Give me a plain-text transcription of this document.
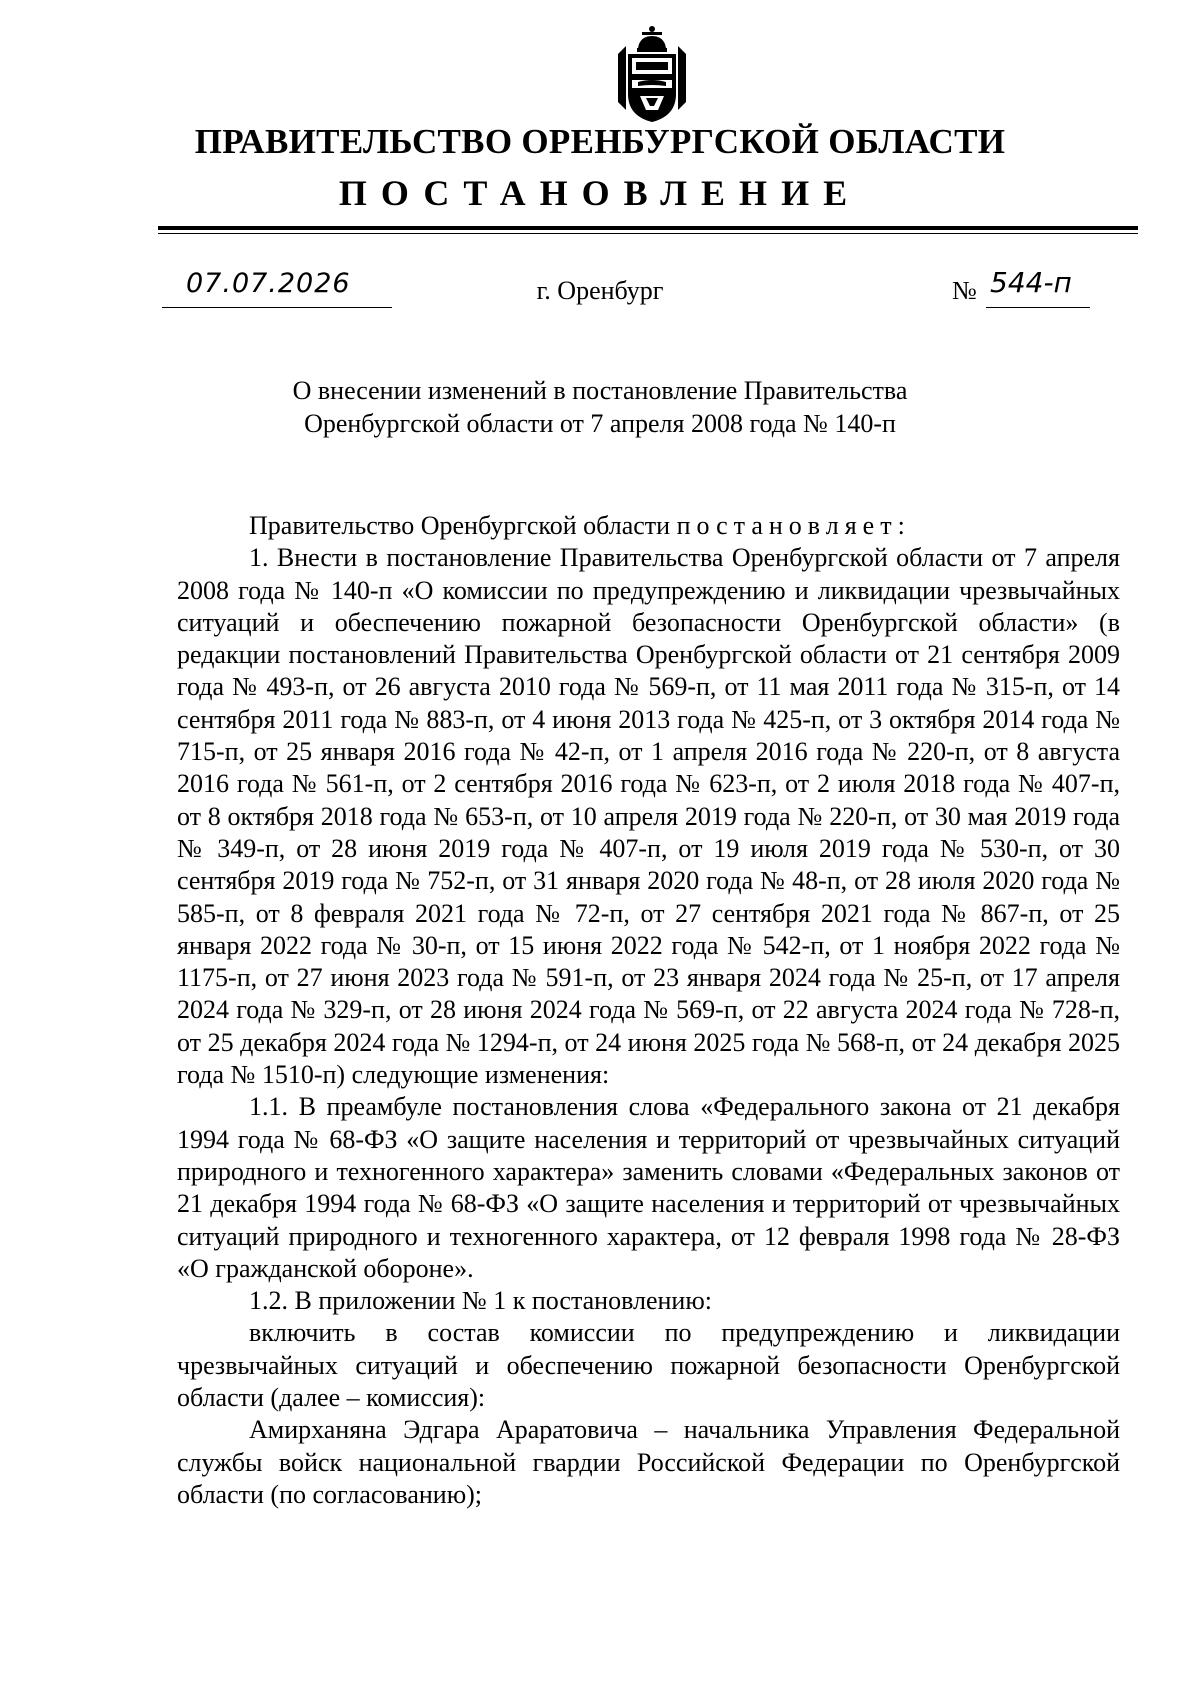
ПРАВИТЕЛЬСТВО ОРЕНБУРГСКОЙ ОБЛАСТИ
ПОСТАНОВЛЕНИЕ
07.07.2026	г. Оренбург	№ 544-п
О внесении изменений в постановление Правительства
Оренбургской области от 7 апреля 2008 года № 140-п

Правительство Оренбургской области постановляет:

1. Внести в постановление Правительства Оренбургской области от 7 апреля 2008 года № 140-п «О комиссии по предупреждению и ликвидации чрезвычайных ситуаций и обеспечению пожарной безопасности Оренбургской области» (в редакции постановлений Правительства Оренбургской области от 21 сентября 2009 года № 493-п, от 26 августа 2010 года № 569-п, от 11 мая 2011 года № 315-п, от 14 сентября 2011 года № 883-п, от 4 июня 2013 года № 425-п, от 3 октября 2014 года № 715-п, от 25 января 2016 года № 42-п, от 1 апреля 2016 года № 220-п, от 8 августа 2016 года № 561-п, от 2 сентября 2016 года № 623-п, от 2 июля 2018 года № 407-п, от 8 октября 2018 года № 653-п, от 10 апреля 2019 года № 220-п, от 30 мая 2019 года № 349-п, от 28 июня 2019 года № 407-п, от 19 июля 2019 года № 530-п, от 30 сентября 2019 года № 752-п, от 31 января 2020 года № 48-п, от 28 июля 2020 года № 585-п, от 8 февраля 2021 года № 72-п, от 27 сентября 2021 года № 867-п, от 25 января 2022 года № 30-п, от 15 июня 2022 года № 542-п, от 1 ноября 2022 года № 1175-п, от 27 июня 2023 года № 591-п, от 23 января 2024 года № 25-п, от 17 апреля 2024 года № 329-п, от 28 июня 2024 года № 569-п, от 22 августа 2024 года № 728-п, от 25 декабря 2024 года № 1294-п, от 24 июня 2025 года № 568-п, от 24 декабря 2025 года № 1510-п) следующие изменения:

1.1. В преамбуле постановления слова «Федерального закона от 21 декабря 1994 года № 68-ФЗ «О защите населения и территорий от чрезвычайных ситуаций природного и техногенного характера» заменить словами «Федеральных законов от 21 декабря 1994 года № 68-ФЗ «О защите населения и территорий от чрезвычайных ситуаций природного и техногенного характера, от 12 февраля 1998 года № 28-ФЗ «О гражданской обороне».

1.2. В приложении № 1 к постановлению:

включить в состав комиссии по предупреждению и ликвидации чрезвычайных ситуаций и обеспечению пожарной безопасности Оренбургской области (далее – комиссия):

Амирханяна Эдгара Араратовича – начальника Управления Федеральной службы войск национальной гвардии Российской Федерации по Оренбургской области (по согласованию);
